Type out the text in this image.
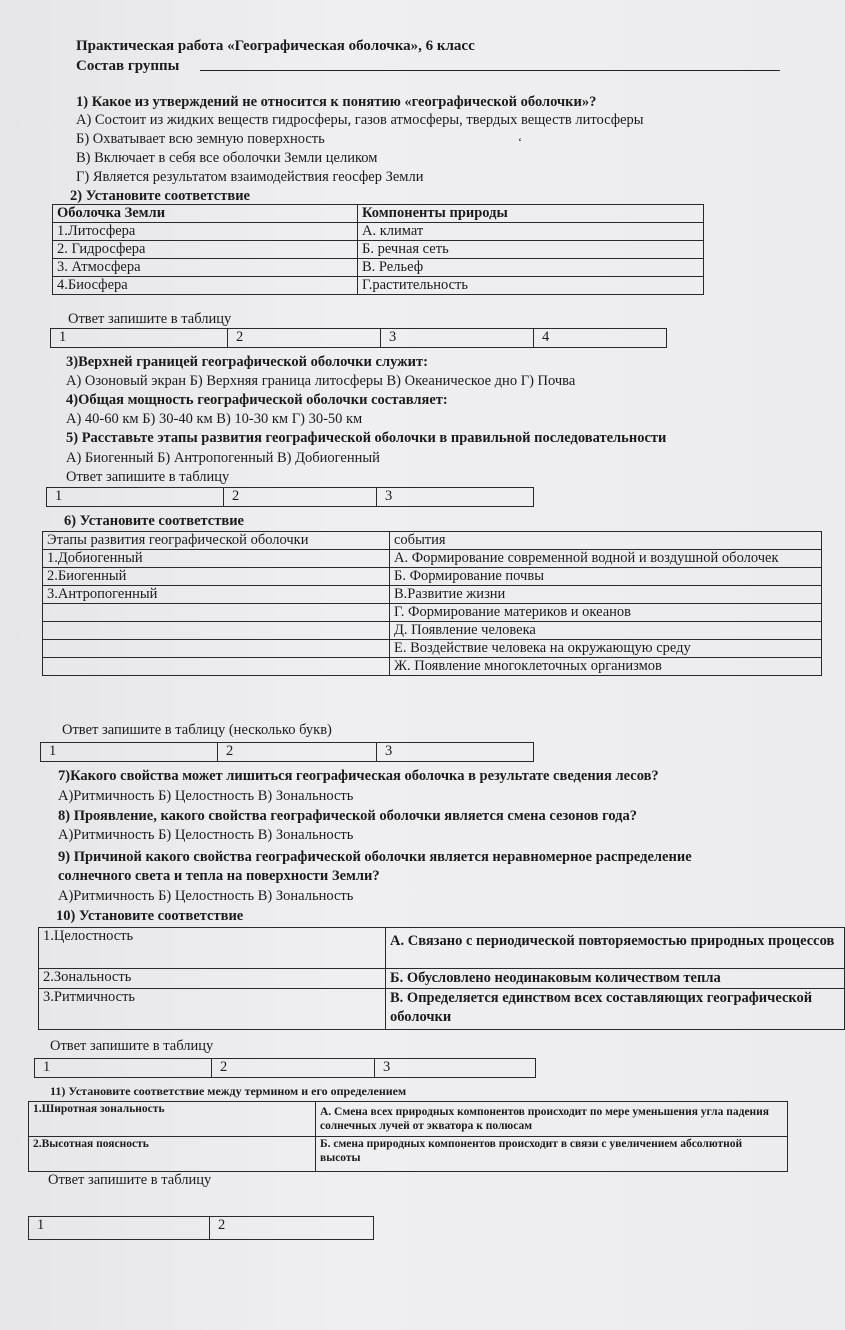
Практическая работа «Географическая оболочка», 6 класс
Состав группы
1) Какое из утверждений не относится к понятию «географической оболочки»?
А) Состоит из жидких веществ гидросферы, газов атмосферы, твердых веществ литосферы
Б) Охватывает всю земную поверхность
В) Включает в себя все оболочки Земли целиком
Г) Является результатом взаимодействия геосфер Земли
ʻ
2) Установите соответствие
Оболочка Земли	Компоненты природы
1.Литосфера	А. климат
2. Гидросфера	Б. речная сеть
3. Атмосфера	В. Рельеф
4.Биосфера	Г.растительность
Ответ запишите в таблицу
1	2	3	4
3)Верхней границей географической оболочки служит:
А) Озоновый экран Б) Верхняя граница литосферы В) Океаническое дно Г) Почва
4)Общая мощность географической оболочки составляет:
А) 40-60 км Б) 30-40 км В) 10-30 км Г) 30-50 км
5) Расставьте этапы развития географической оболочки в правильной последовательности
А) Биогенный Б) Антропогенный В) Добиогенный
Ответ запишите в таблицу
1	2	3
6) Установите соответствие
Этапы развития географической оболочки	события
1.Добиогенный	А. Формирование современной водной и воздушной оболочек
2.Биогенный	Б. Формирование почвы
3.Антропогенный	В.Развитие жизни
	Г. Формирование материков и океанов
	Д. Появление человека
	Е. Воздействие человека на окружающую среду
	Ж. Появление многоклеточных организмов
Ответ запишите в таблицу (несколько букв)
1	2	3
7)Какого свойства может лишиться географическая оболочка в результате сведения лесов?
А)Ритмичность Б) Целостность В) Зональность
8) Проявление, какого свойства географической оболочки является смена сезонов года?
А)Ритмичность Б) Целостность В) Зональность
9) Причиной какого свойства географической оболочки является неравномерное распределение
солнечного света и тепла на поверхности Земли?
А)Ритмичность Б) Целостность В) Зональность
10) Установите соответствие
1.Целостность	А. Связано с периодической повторяемостью природных процессов
2.Зональность	Б. Обусловлено неодинаковым количеством тепла
3.Ритмичность	В. Определяется единством всех составляющих географической оболочки
Ответ запишите в таблицу
1	2	3
11) Установите соответствие между термином и его определением
1.Широтная зональность	А. Смена всех природных компонентов происходит по мере уменьшения угла падения солнечных лучей от экватора к полюсам
2.Высотная поясность	Б. смена природных компонентов происходит в связи с увеличением абсолютной высоты
Ответ запишите в таблицу
1	2
